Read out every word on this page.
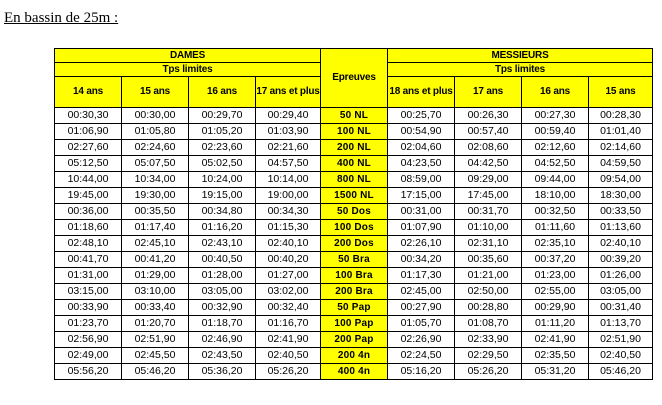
En bassin de 25m :
DAMES				Epreuves	MESSIEURS			
Tps limites					Tps limites			
14 ans	15 ans	16 ans	17 ans et plus		18 ans et plus	17 ans	16 ans	15 ans
00:30,30	00:30,00	00:29,70	00:29,40	50 NL	00:25,70	00:26,30	00:27,30	00:28,30
01:06,90	01:05,80	01:05,20	01:03,90	100 NL	00:54,90	00:57,40	00:59,40	01:01,40
02:27,60	02:24,60	02:23,60	02:21,60	200 NL	02:04,60	02:08,60	02:12,60	02:14,60
05:12,50	05:07,50	05:02,50	04:57,50	400 NL	04:23,50	04:42,50	04:52,50	04:59,50
10:44,00	10:34,00	10:24,00	10:14,00	800 NL	08:59,00	09:29,00	09:44,00	09:54,00
19:45,00	19:30,00	19:15,00	19:00,00	1500 NL	17:15,00	17:45,00	18:10,00	18:30,00
00:36,00	00:35,50	00:34,80	00:34,30	50 Dos	00:31,00	00:31,70	00:32,50	00:33,50
01:18,60	01:17,40	01:16,20	01:15,30	100 Dos	01:07,90	01:10,00	01:11,60	01:13,60
02:48,10	02:45,10	02:43,10	02:40,10	200 Dos	02:26,10	02:31,10	02:35,10	02:40,10
00:41,70	00:41,20	00:40,50	00:40,20	50 Bra	00:34,20	00:35,60	00:37,20	00:39,20
01:31,00	01:29,00	01:28,00	01:27,00	100 Bra	01:17,30	01:21,00	01:23,00	01:26,00
03:15,00	03:10,00	03:05,00	03:02,00	200 Bra	02:45,00	02:50,00	02:55,00	03:05,00
00:33,90	00:33,40	00:32,90	00:32,40	50 Pap	00:27,90	00:28,80	00:29,90	00:31,40
01:23,70	01:20,70	01:18,70	01:16,70	100 Pap	01:05,70	01:08,70	01:11,20	01:13,70
02:56,90	02:51,90	02:46,90	02:41,90	200 Pap	02:26,90	02:33,90	02:41,90	02:51,90
02:49,00	02:45,50	02:43,50	02:40,50	200 4n	02:24,50	02:29,50	02:35,50	02:40,50
05:56,20	05:46,20	05:36,20	05:26,20	400 4n	05:16,20	05:26,20	05:31,20	05:46,20
